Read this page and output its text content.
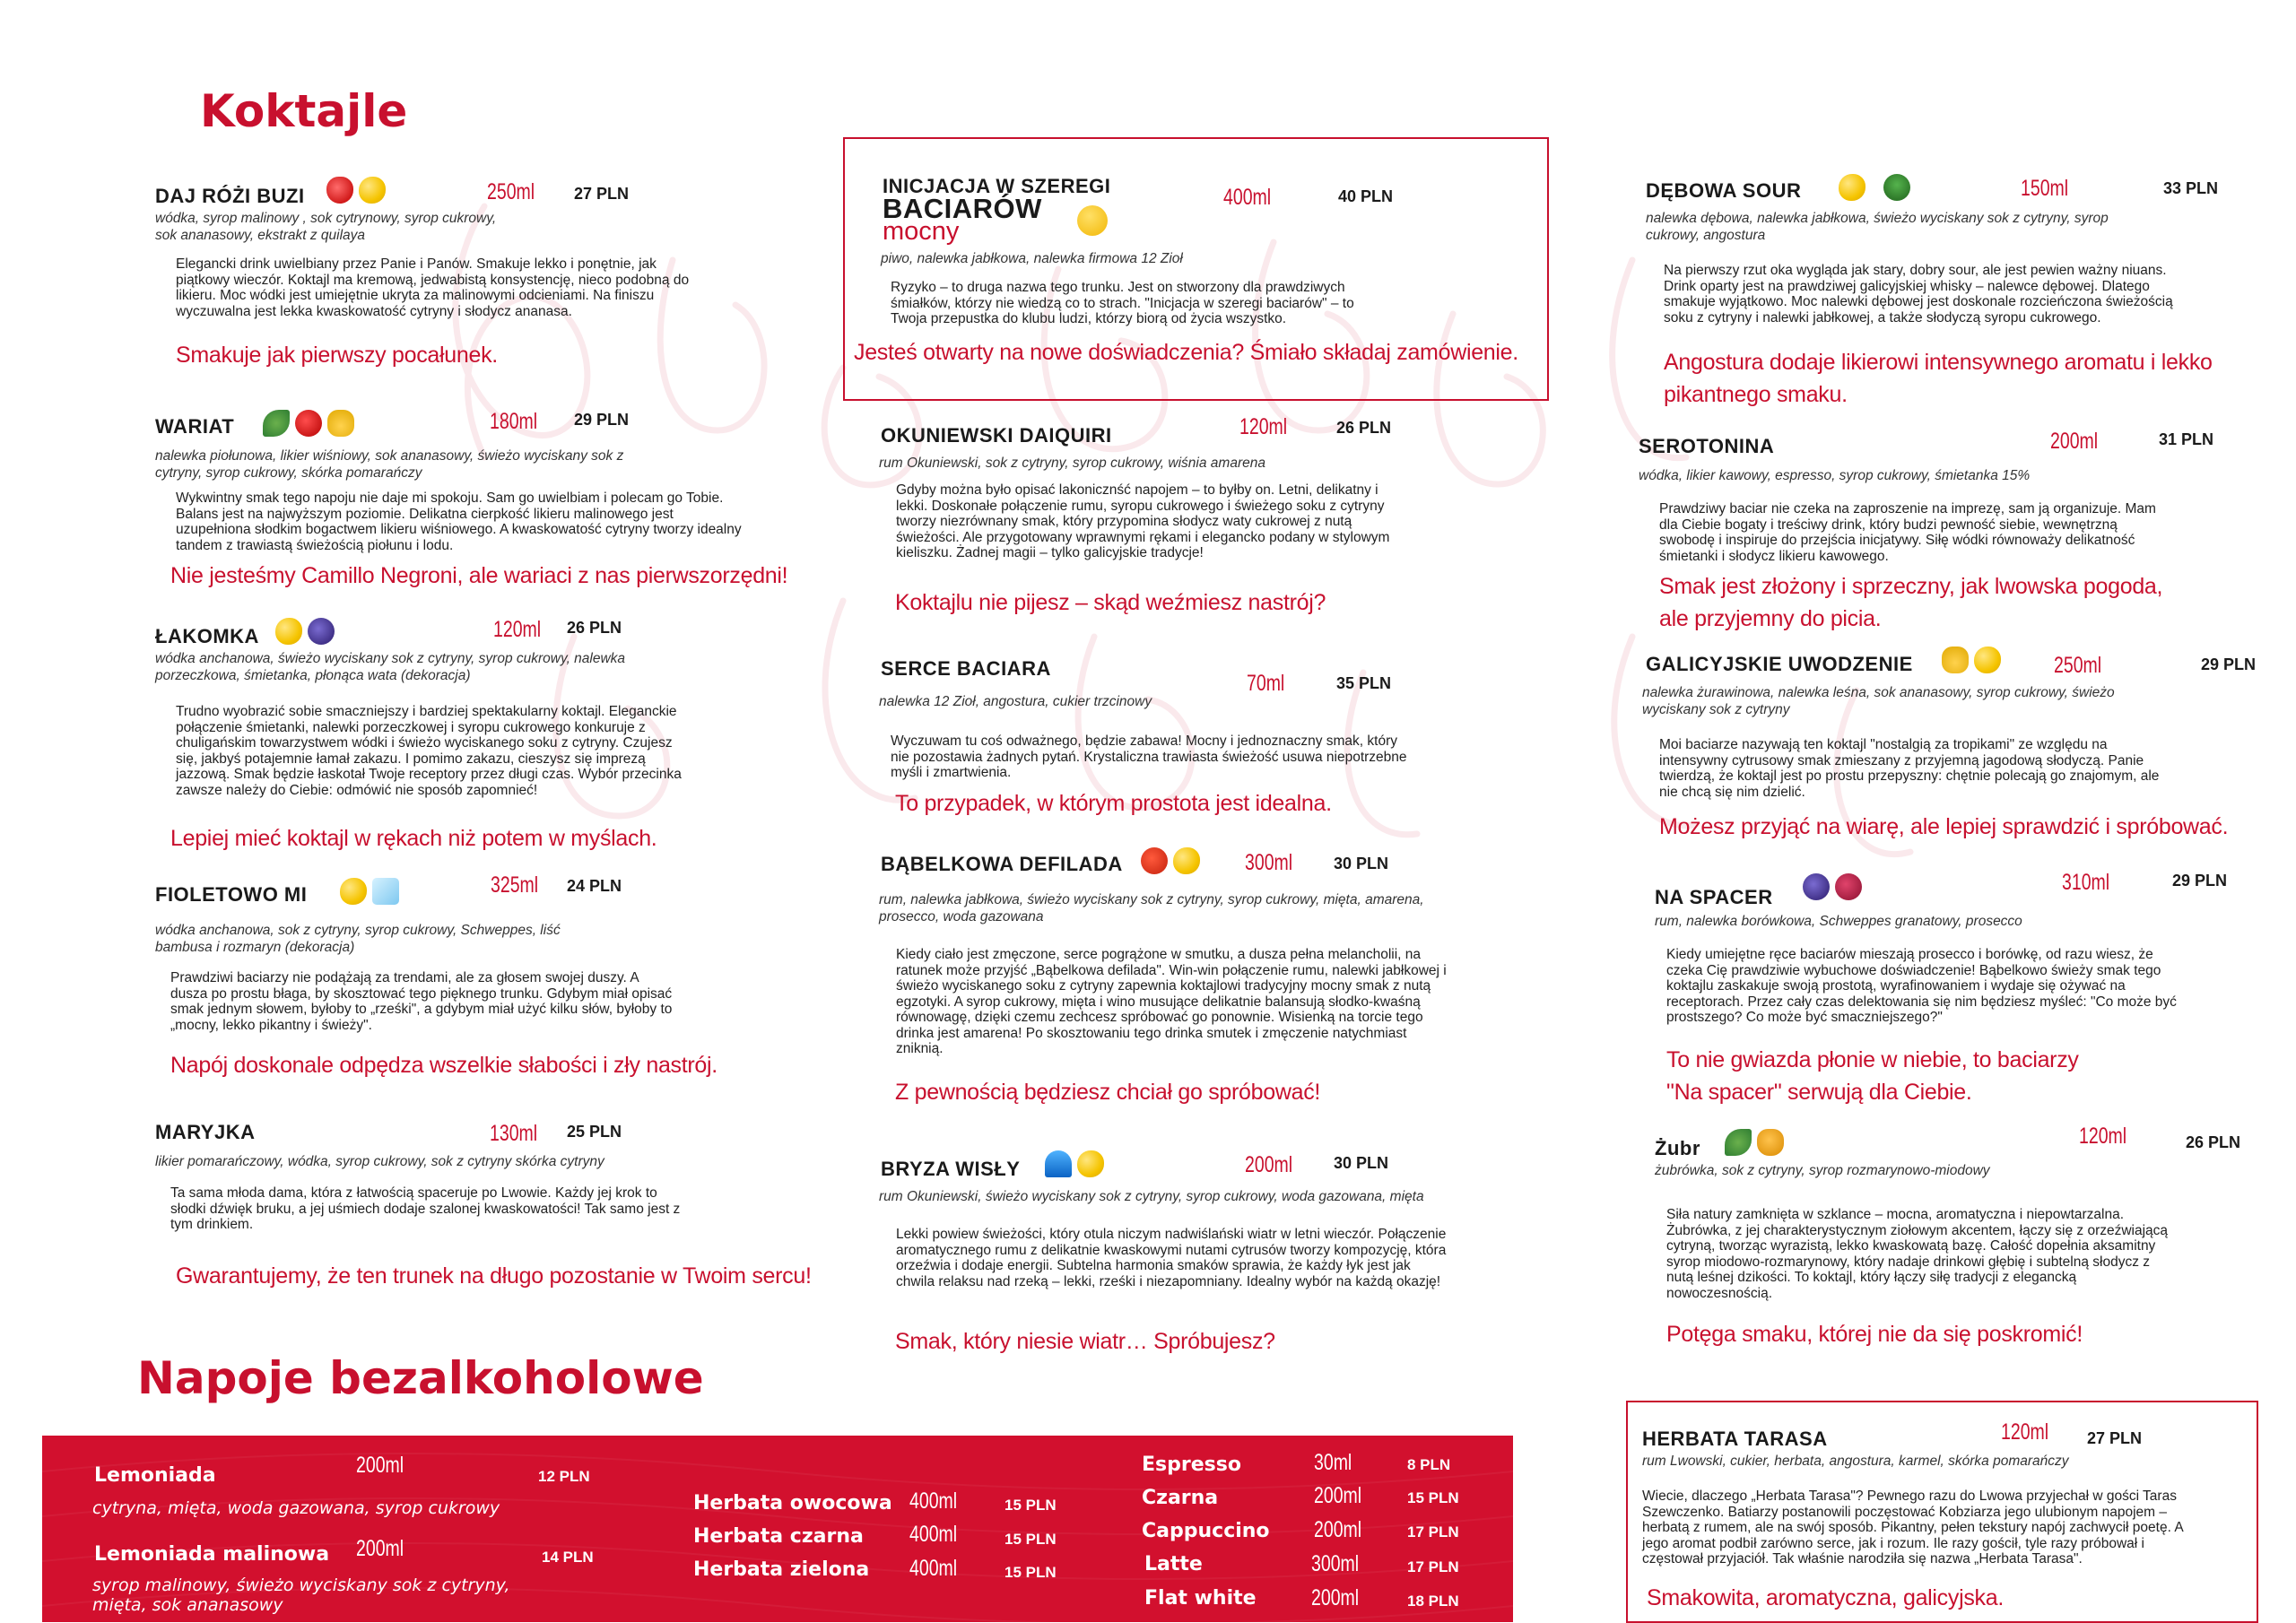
Koktajle
Napoje bezalkoholowe
DAJ RÓŻI BUZI	250ml 27 PLN
wódka, syrop malinowy , sok cytrynowy, syrop cukrowy, sok ananasowy, ekstrakt z quilaya
Elegancki drink uwielbiany przez Panie i Panów. Smakuje lekko i ponętnie, jak piątkowy wieczór. Koktajl ma kremową, jedwabistą konsystencję, nieco podobną do likieru. Moc wódki jest umiejętnie ukryta za malinowymi odcieniami. Na finiszu wyczuwalna jest lekka kwaskowatość cytryny i słodycz ananasa.
Smakuje jak pierwszy pocałunek.
WARIAT	180ml 29 PLN
nalewka piołunowa, likier wiśniowy, sok ananasowy, świeżo wyciskany sok z cytryny, syrop cukrowy, skórka pomarańczy
Wykwintny smak tego napoju nie daje mi spokoju. Sam go uwielbiam i polecam go Tobie. Balans jest na najwyższym poziomie. Delikatna cierpkość likieru malinowego jest uzupełniona słodkim bogactwem likieru wiśniowego. A kwaskowatość cytryny tworzy idealny tandem z trawiastą świeżością piołunu i lodu.
Nie jesteśmy Camillo Negroni, ale wariaci z nas pierwszorzędni!
ŁAKOMKA	120ml 26 PLN
wódka anchanowa, świeżo wyciskany sok z cytryny, syrop cukrowy, nalewka porzeczkowa, śmietanka, płonąca wata (dekoracja)
Trudno wyobrazić sobie smaczniejszy i bardziej spektakularny koktajl. Eleganckie połączenie śmietanki, nalewki porzeczkowej i syropu cukrowego konkuruje z chuligańskim towarzystwem wódki i świeżo wyciskanego soku z cytryny. Czujesz się, jakbyś potajemnie łamał zakazu. I pomimo zakazu, cieszysz się imprezą jazzową. Smak będzie łaskotał Twoje receptory przez długi czas. Wybór przecinka zawsze należy do Ciebie: odmówić nie sposób zapomnieć!
Lepiej mieć koktajl w rękach niż potem w myślach.
FIOLETOWO MI	325ml 24 PLN
wódka anchanowa, sok z cytryny, syrop cukrowy, Schweppes, liść bambusa i rozmaryn (dekoracja)
Prawdziwi baciarzy nie podążają za trendami, ale za głosem swojej duszy. A dusza po prostu błaga, by skosztować tego pięknego trunku. Gdybym miał opisać smak jednym słowem, byłoby to „rześki", a gdybym miał użyć kilku słów, byłoby to „mocny, lekko pikantny i świeży".
Napój doskonale odpędza wszelkie słabości i zły nastrój.
MARYJKA	130ml 25 PLN
likier pomarańczowy, wódka, syrop cukrowy, sok z cytryny skórka cytryny
Ta sama młoda dama, która z łatwością spaceruje po Lwowie. Każdy jej krok to słodki dźwięk bruku, a jej uśmiech dodaje szalonej kwaskowatości! Tak samo jest z tym drinkiem.
Gwarantujemy, że ten trunek na długo pozostanie w Twoim sercu!
INICJACJA W SZEREGI
BACIARÓW
mocny
400ml	40 PLN
piwo, nalewka jabłkowa, nalewka firmowa 12 Zioł
Ryzyko – to druga nazwa tego trunku. Jest on stworzony dla prawdziwych śmiałków, którzy nie wiedzą co to strach. "Inicjacja w szeregi baciarów" – to Twoja przepustka do klubu ludzi, którzy biorą od życia wszystko.
Jesteś otwarty na nowe doświadczenia? Śmiało składaj zamówienie.
OKUNIEWSKI DAIQUIRI	120ml	26 PLN
rum Okuniewski, sok z cytryny, syrop cukrowy, wiśnia amarena
Gdyby można było opisać lakonicznść napojem – to byłby on. Letni, delikatny i lekki. Doskonałe połączenie rumu, syropu cukrowego i świeżego soku z cytryny tworzy niezrównany smak, który przypomina słodycz waty cukrowej z nutą świeżości. Ale przygotowany wprawnymi rękami i elegancko podany w stylowym kieliszku. Żadnej magii – tylko galicyjskie tradycje!
Koktajlu nie pijesz – skąd weźmiesz nastrój?
SERCE BACIARA
70ml	35 PLN
nalewka 12 Zioł, angostura, cukier trzcinowy
Wyczuwam tu coś odważnego, będzie zabawa! Mocny i jednoznaczny smak, który nie pozostawia żadnych pytań. Krystaliczna trawiasta świeżość usuwa niepotrzebne myśli i zmartwienia.
To przypadek, w którym prostota jest idealna.
BĄBELKOWA DEFILADA	300ml	30 PLN
rum, nalewka jabłkowa, świeżo wyciskany sok z cytryny, syrop cukrowy, mięta, amarena, prosecco, woda gazowana
Kiedy ciało jest zmęczone, serce pogrążone w smutku, a dusza pełna melancholii, na ratunek może przyjść „Bąbelkowa defilada". Win-win połączenie rumu, nalewki jabłkowej i świeżo wyciskanego soku z cytryny zapewnia koktajlowi tradycyjny mocny smak z nutą egzotyki. A syrop cukrowy, mięta i wino musujące delikatnie balansują słodko-kwaśną równowagę, dzięki czemu zechcesz spróbować go ponownie. Wisienką na torcie tego drinka jest amarena! Po skosztowaniu tego drinka smutek i zmęczenie natychmiast zniknią.
Z pewnością będziesz chciał go spróbować!
BRYZA WISŁY	200ml	30 PLN
rum Okuniewski, świeżo wyciskany sok z cytryny, syrop cukrowy, woda gazowana, mięta
Lekki powiew świeżości, który otula niczym nadwiślański wiatr w letni wieczór. Połączenie aromatycznego rumu z delikatnie kwaskowymi nutami cytrusów tworzy kompozycję, która orzeźwia i dodaje energii. Subtelna harmonia smaków sprawia, że każdy łyk jest jak chwila relaksu nad rzeką – lekki, rześki i niezapomniany. Idealny wybór na każdą okazję!
Smak, który niesie wiatr… Spróbujesz?
DĘBOWA SOUR	150ml	33 PLN
nalewka dębowa, nalewka jabłkowa, świeżo wyciskany sok z cytryny, syrop cukrowy, angostura
Na pierwszy rzut oka wygląda jak stary, dobry sour, ale jest pewien ważny niuans. Drink oparty jest na prawdziwej galicyjskiej whisky – nalewce dębowej. Dlatego smakuje wyjątkowo. Moc nalewki dębowej jest doskonale rozcieńczona świeżością soku z cytryny i nalewki jabłkowej, a także słodyczą syropu cukrowego.
Angostura dodaje likierowi intensywnego aromatu i lekko pikantnego smaku.
SEROTONINA	200ml	31 PLN
wódka, likier kawowy, espresso, syrop cukrowy, śmietanka 15%
Prawdziwy baciar nie czeka na zaproszenie na imprezę, sam ją organizuje. Mam dla Ciebie bogaty i treściwy drink, który budzi pewność siebie, wewnętrzną swobodę i inspiruje do przejścia inicjatywy. Siłę wódki równoważy delikatność śmietanki i słodycz likieru kawowego.
Smak jest złożony i sprzeczny, jak lwowska pogoda, ale przyjemny do picia.
GALICYJSKIE UWODZENIE	250ml	29 PLN
nalewka żurawinowa, nalewka leśna, sok ananasowy, syrop cukrowy, świeżo wyciskany sok z cytryny
Moi baciarze nazywają ten koktajl "nostalgią za tropikami" ze względu na intensywny cytrusowy smak zmieszany z przyjemną jagodową słodyczą. Panie twierdzą, że koktajl jest po prostu przepyszny: chętnie polecają go znajomym, ale nie chcą się nim dzielić.
Możesz przyjąć na wiarę, ale lepiej sprawdzić i spróbować.
NA SPACER
310ml	29 PLN
rum, nalewka borówkowa, Schweppes granatowy, prosecco
Kiedy umiejętne ręce baciarów mieszają prosecco i borówkę, od razu wiesz, że czeka Cię prawdziwie wybuchowe doświadczenie! Bąbelkowo świeży smak tego koktajlu zaskakuje swoją prostotą, wyrafinowaniem i wydaje się ożywać na receptorach. Przez cały czas delektowania się nim będziesz myśleć: "Co może być prostszego? Co może być smaczniejszego?"
To nie gwiazda płonie w niebie, to baciarzy "Na spacer" serwują dla Ciebie.
Żubr	120ml	26 PLN
żubrówka, sok z cytryny, syrop rozmarynowo-miodowy
Siła natury zamknięta w szklance – mocna, aromatyczna i niepowtarzalna. Żubrówka, z jej charakterystycznym ziołowym akcentem, łączy się z orzeźwiającą cytryną, tworząc wyrazistą, lekko kwaskowatą bazę. Całość dopełnia aksamitny syrop miodowo-rozmarynowy, który nadaje drinkowi głębię i subtelną słodycz z nutą leśnej dzikości. To koktajl, który łączy siłę tradycji z elegancką nowoczesnością.
Potęga smaku, której nie da się poskromić!
HERBATA TARASA	120ml 27 PLN
rum Lwowski, cukier, herbata, angostura, karmel, skórka pomarańczy
Wiecie, dlaczego „Herbata Tarasa"? Pewnego razu do Lwowa przyjechał w gości Taras Szewczenko. Batiarzy postanowili poczęstować Kobziarza jego ulubionym napojem – herbatą z rumem, ale na swój sposób. Pikantny, pełen tekstury napój zachwycił poetę. A jego aromat podbił zarówno serce, jak i rozum. Ile razy gościł, tyle razy próbował i częstował przyjaciół. Tak właśnie narodziła się nazwa „Herbata Tarasa".
Smakowita, aromatyczna, galicyjska.
Lemoniada	200ml	12 PLN
cytryna, mięta, woda gazowana, syrop cukrowy
Lemoniada malinowa 200ml	14 PLN
syrop malinowy, świeżo wyciskany sok z cytryny, mięta, sok ananasowy
Herbata owocowa 400ml	15 PLN
Herbata czarna 400ml	15 PLN
Herbata zielona 400ml	15 PLN
Espresso	30ml	8 PLN
Czarna	200ml	15 PLN
Cappuccino 200ml	17 PLN
Latte	300ml	17 PLN
Flat white 200ml	18 PLN
